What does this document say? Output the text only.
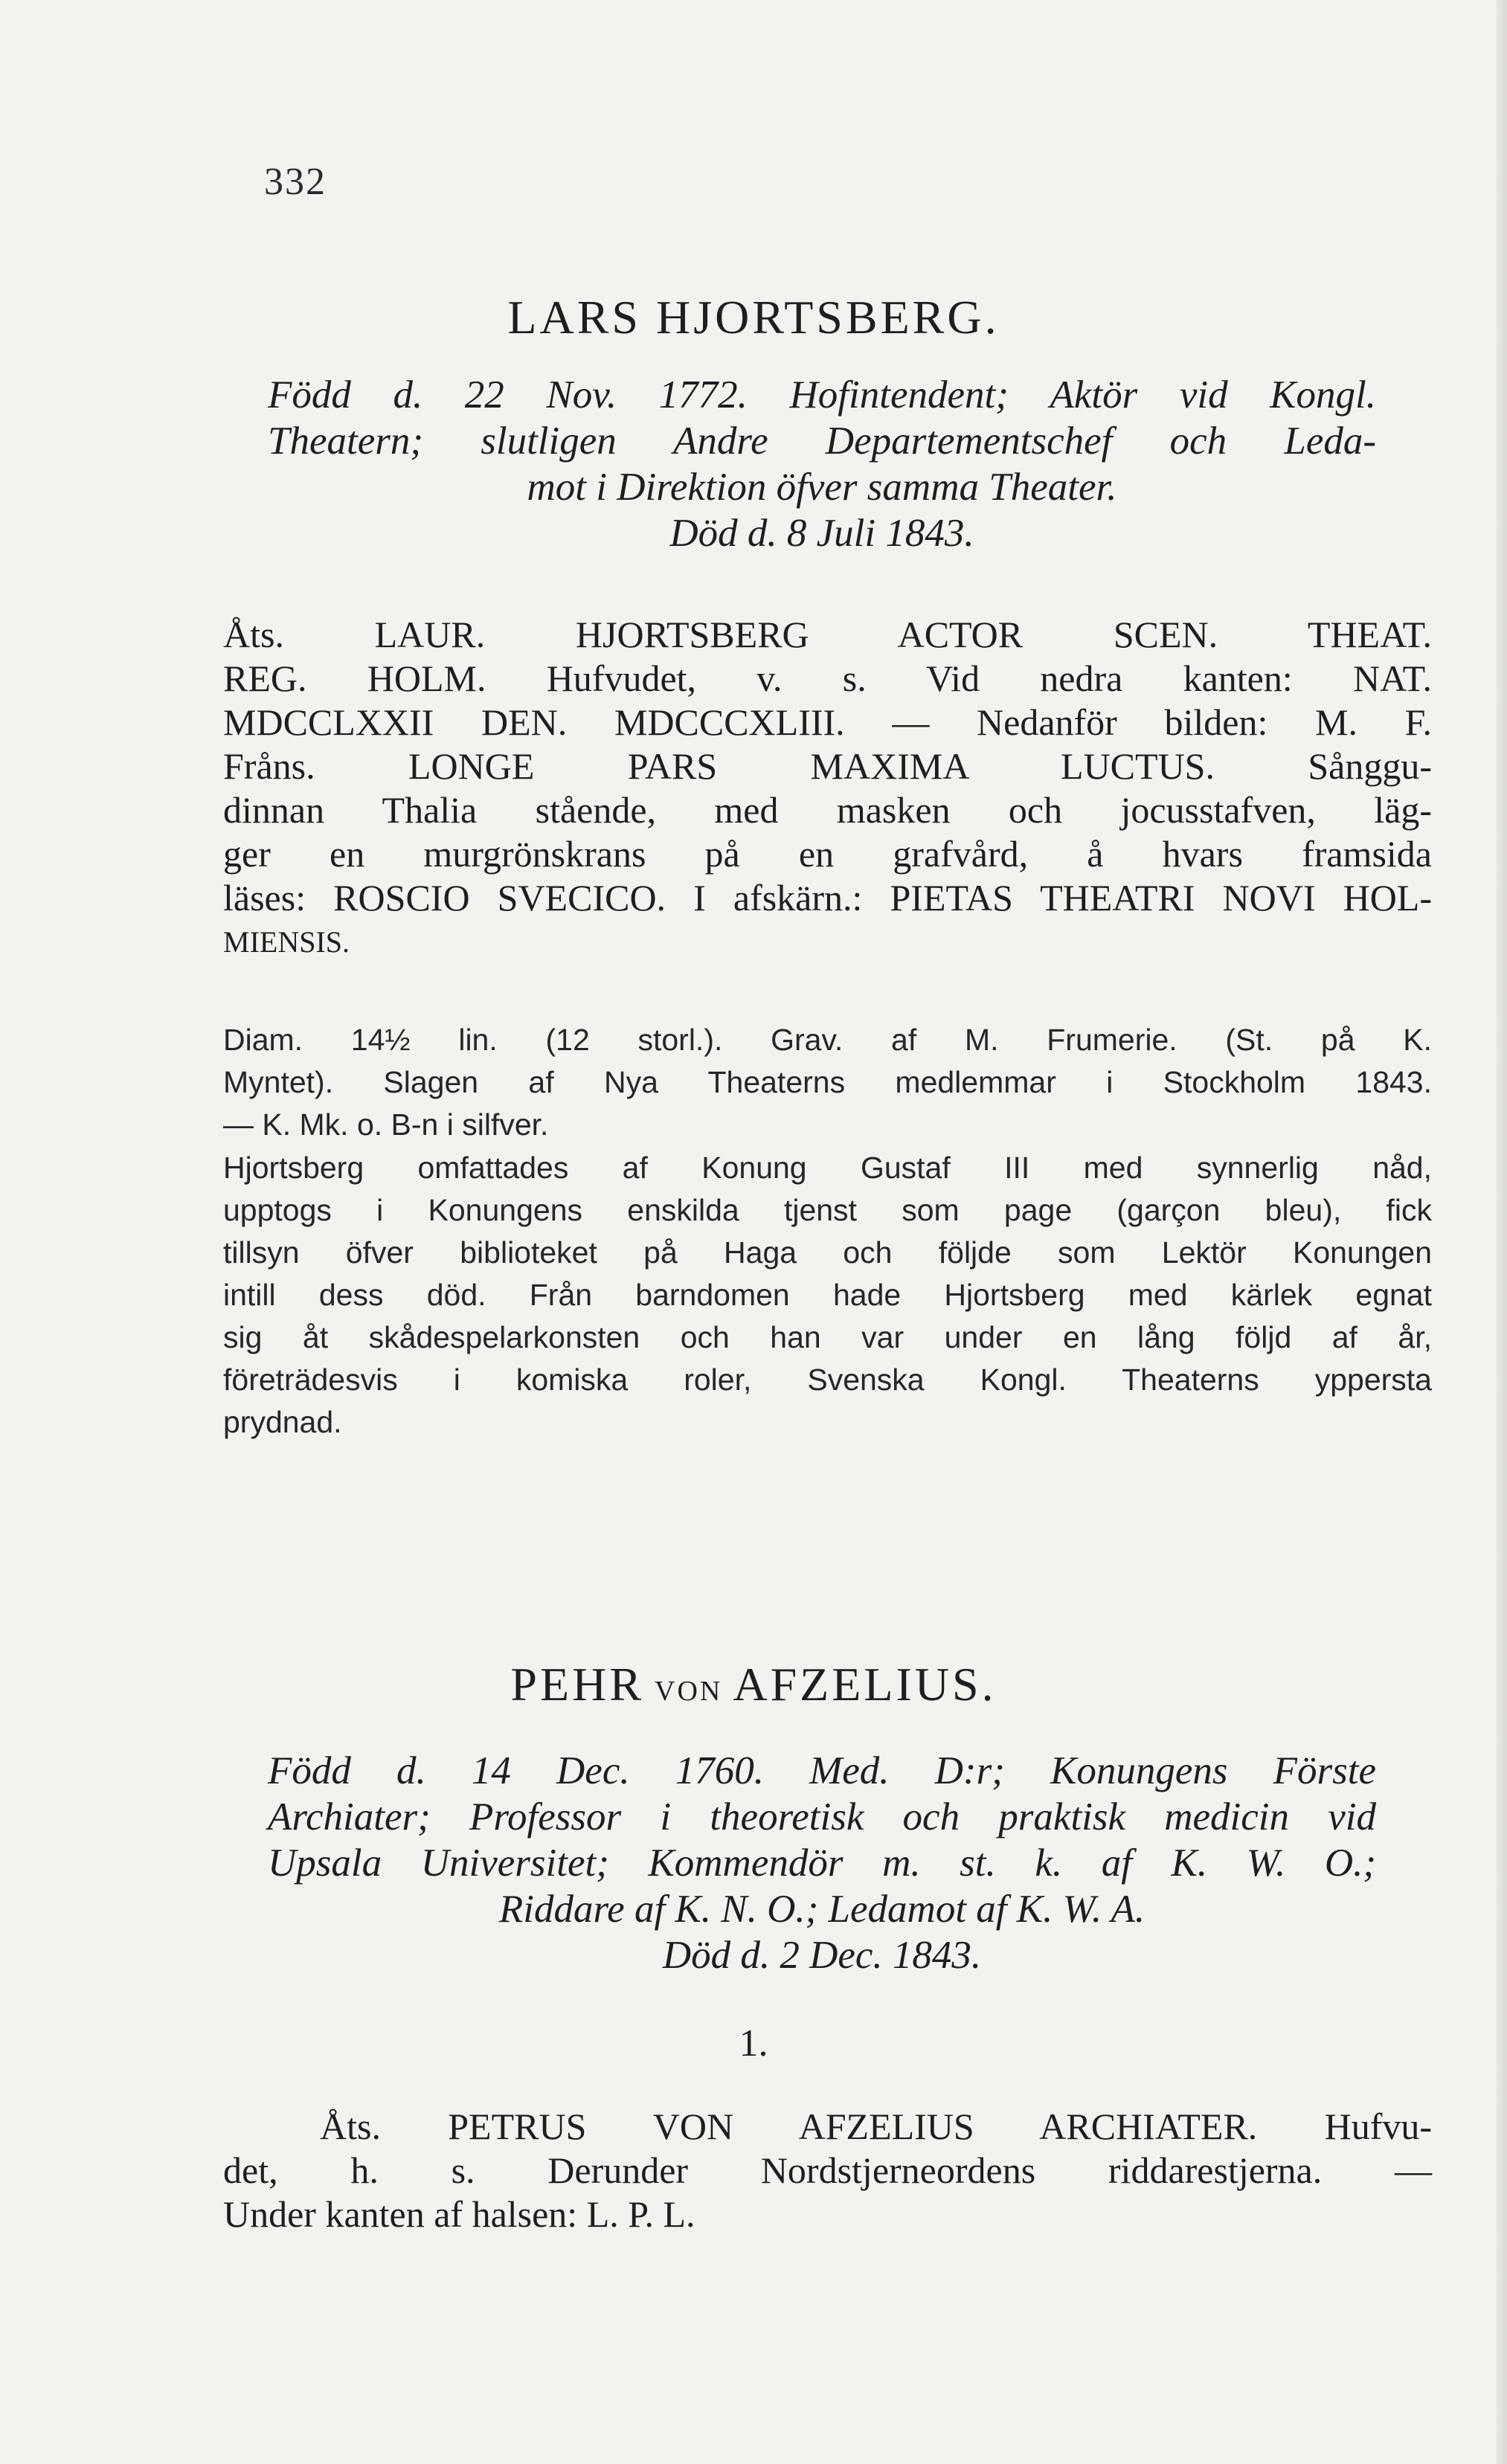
332
LARS HJORTSBERG.
Född d. 22 Nov. 1772. Hofintendent; Aktör vid Kongl.
Theatern; slutligen Andre Departementschef och Leda-
mot i Direktion öfver samma Theater.
Död d. 8 Juli 1843.
Åts. LAUR. HJORTSBERG ACTOR SCEN. THEAT.
REG. HOLM. Hufvudet, v. s. Vid nedra kanten: NAT.
MDCCLXXII DEN. MDCCCXLIII. — Nedanför bilden: M. F.
Fråns. LONGE PARS MAXIMA LUCTUS. Sånggu-
dinnan Thalia stående, med masken och jocusstafven, läg-
ger en murgrönskrans på en grafvård, å hvars framsida
läses: ROSCIO SVECICO. I afskärn.: PIETAS THEATRI NOVI HOL-
MIENSIS.
Diam. 14½ lin. (12 storl.). Grav. af M. Frumerie. (St. på K.
Myntet). Slagen af Nya Theaterns medlemmar i Stockholm 1843.
— K. Mk. o. B-n i silfver.
Hjortsberg omfattades af Konung Gustaf III med synnerlig nåd,
upptogs i Konungens enskilda tjenst som page (garçon bleu), fick
tillsyn öfver biblioteket på Haga och följde som Lektör Konungen
intill dess död. Från barndomen hade Hjortsberg med kärlek egnat
sig åt skådespelarkonsten och han var under en lång följd af år,
företrädesvis i komiska roler, Svenska Kongl. Theaterns yppersta
prydnad.
PEHR VON AFZELIUS.
Född d. 14 Dec. 1760. Med. D:r; Konungens Förste
Archiater; Professor i theoretisk och praktisk medicin vid
Upsala Universitet; Kommendör m. st. k. af K. W. O.;
Riddare af K. N. O.; Ledamot af K. W. A.
Död d. 2 Dec. 1843.
1.
Åts. PETRUS VON AFZELIUS ARCHIATER. Hufvu-
det, h. s. Derunder Nordstjerneordens riddarestjerna. —
Under kanten af halsen: L. P. L.
